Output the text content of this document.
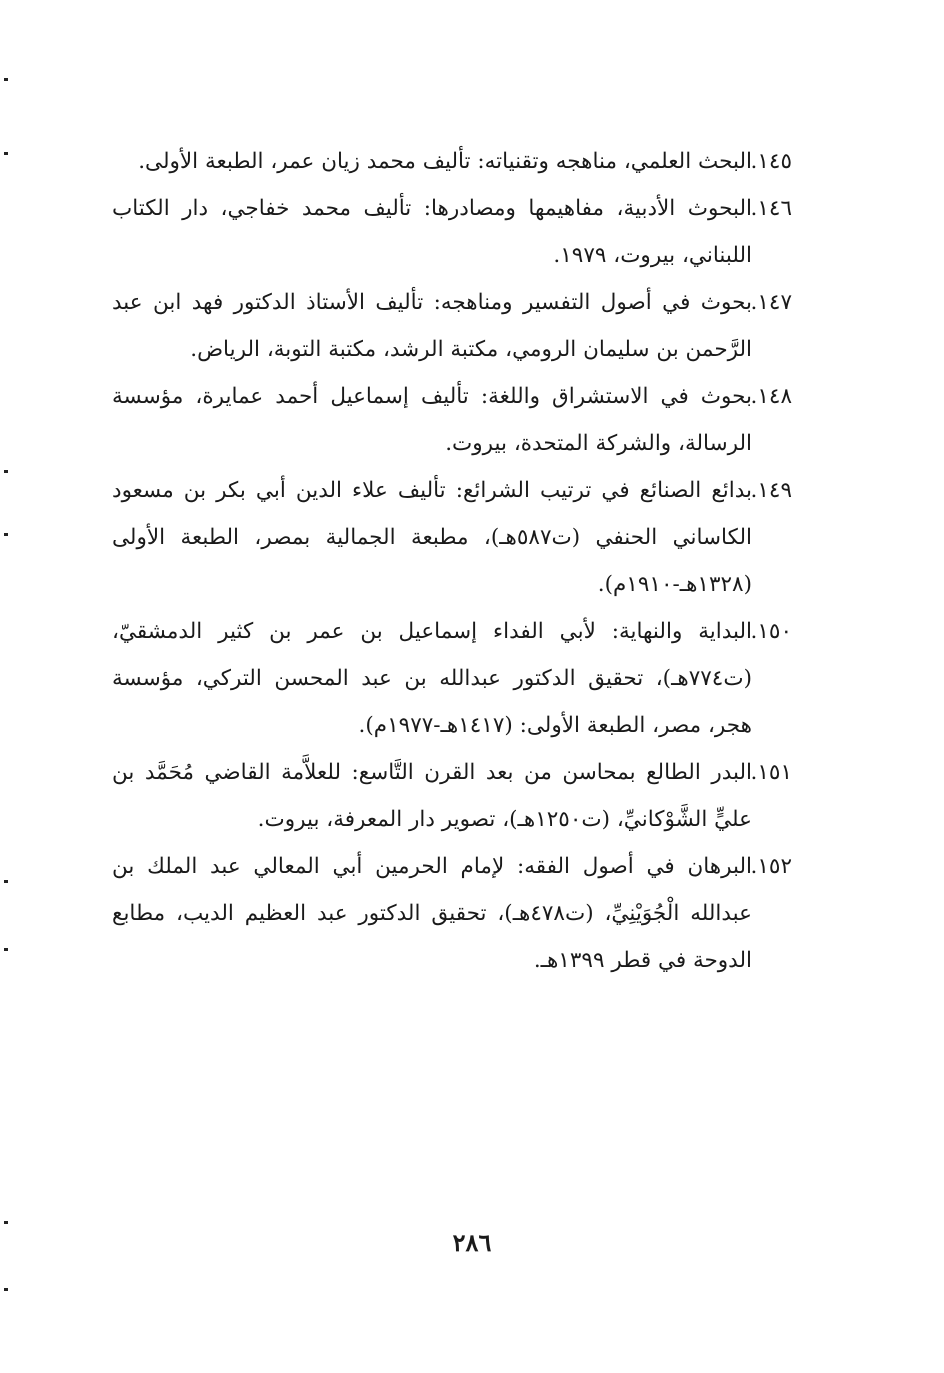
١٤٥.
البحث العلمي، مناهجه وتقنياته: تأليف محمد زيان عمر، الطبعة الأولى.

١٤٦.
البحوث الأدبية، مفاهيمها ومصادرها: تأليف محمد خفاجي، دار الكتاب اللبناني، بيروت، ١٩٧٩.

١٤٧.
بحوث في أصول التفسير ومناهجه: تأليف الأستاذ الدكتور فهد ابن عبد الرَّحمن بن سليمان الرومي، مكتبة الرشد، مكتبة التوبة، الرياض.

١٤٨.
بحوث في الاستشراق واللغة: تأليف إسماعيل أحمد عمايرة، مؤسسة الرسالة، والشركة المتحدة، بيروت.

١٤٩.
بدائع الصنائع في ترتيب الشرائع: تأليف علاء الدين أبي بكر بن مسعود الكاساني الحنفي (ت٥٨٧هـ)، مطبعة الجمالية بمصر، الطبعة الأولى (١٣٢٨هـ-١٩١٠م).

١٥٠.
البداية والنهاية: لأبي الفداء إسماعيل بن عمر بن كثير الدمشقيّ، (ت٧٧٤هـ)، تحقيق الدكتور عبدالله بن عبد المحسن التركي، مؤسسة هجر، مصر، الطبعة الأولى: (١٤١٧هـ-١٩٧٧م).

١٥١.
البدر الطالع بمحاسن من بعد القرن التَّاسع: للعلاَّمة القاضي مُحَمَّد بن عليٍّ الشَّوْكانيِّ، (ت١٢٥٠هـ)، تصوير دار المعرفة، بيروت.

١٥٢.
البرهان في أصول الفقه: لإمام الحرمين أبي المعالي عبد الملك بن عبدالله الْجُوَيْنِيِّ، (ت٤٧٨هـ)، تحقيق الدكتور عبد العظيم الديب، مطابع الدوحة في قطر ١٣٩٩هـ.

٢٨٦
